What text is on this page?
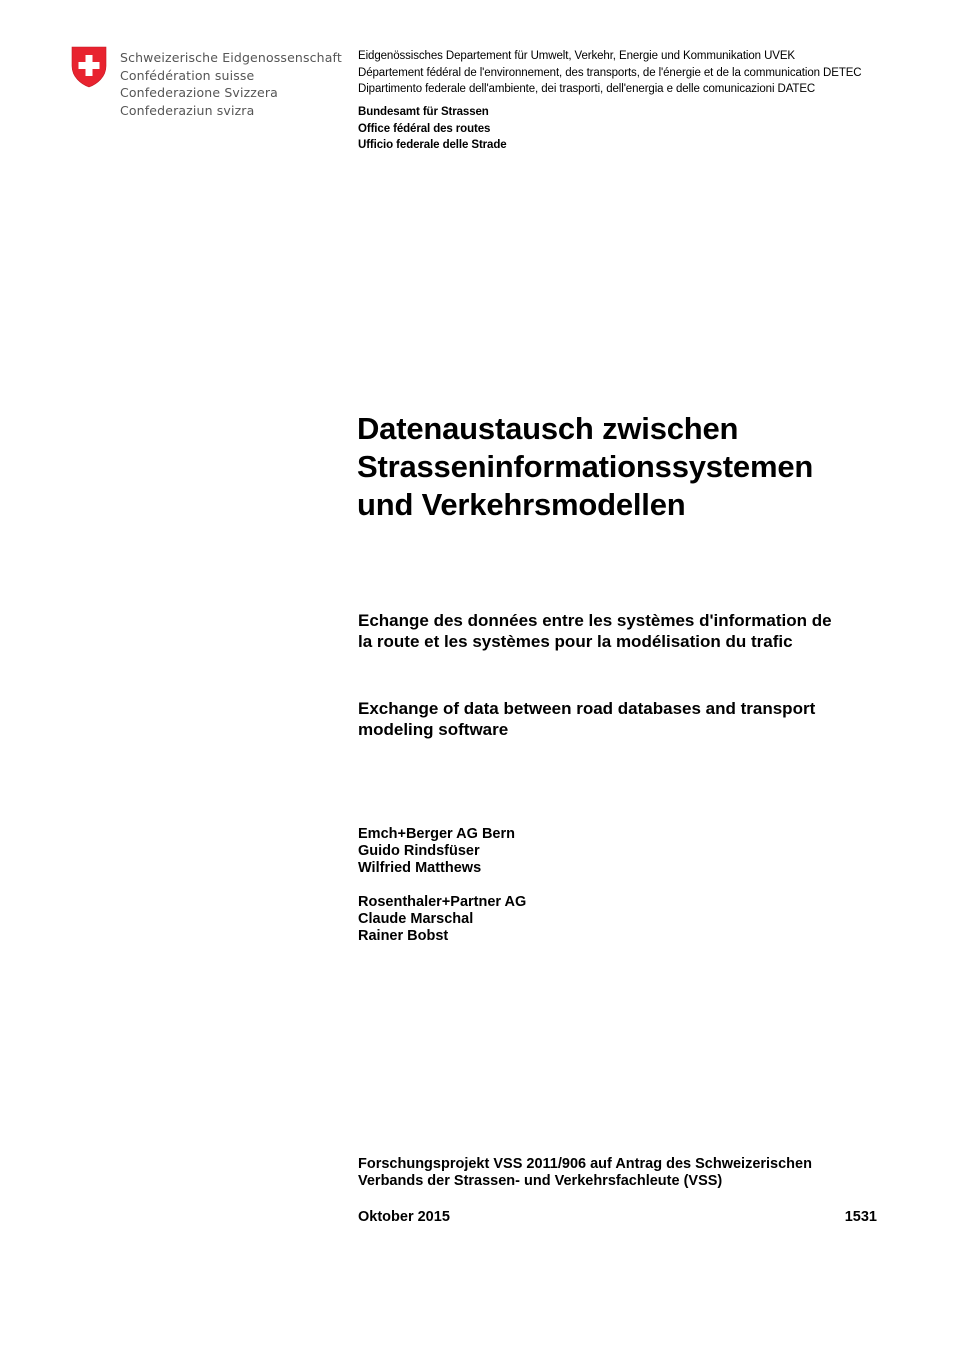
Schweizerische Eidgenossenschaft
Confédération suisse
Confederazione Svizzera
Confederaziun svizra
Eidgenössisches Departement für Umwelt, Verkehr, Energie und Kommunikation UVEK
Département fédéral de l'environnement, des transports, de l'énergie et de la communication DETEC
Dipartimento federale dell'ambiente, dei trasporti, dell'energia e delle comunicazioni DATEC
Bundesamt für Strassen
Office fédéral des routes
Ufficio federale delle Strade
Datenaustausch zwischen
Strasseninformationssystemen
und Verkehrsmodellen
Echange des données entre les systèmes d'information de
la route et les systèmes pour la modélisation du trafic
Exchange of data between road databases and transport
modeling software
Emch+Berger AG Bern
Guido Rindsfüser
Wilfried Matthews
Rosenthaler+Partner AG
Claude Marschal
Rainer Bobst
Forschungsprojekt VSS 2011/906 auf Antrag des Schweizerischen
Verbands der Strassen- und Verkehrsfachleute (VSS)
Oktober 2015	1531
